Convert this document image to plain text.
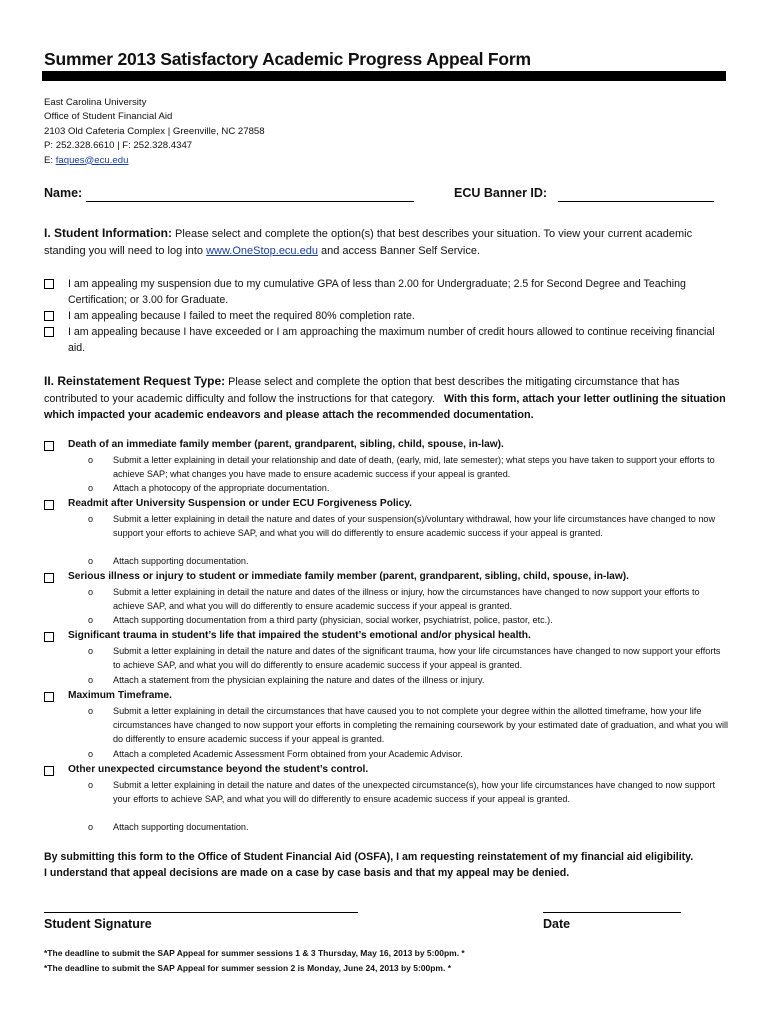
Summer 2013 Satisfactory Academic Progress Appeal Form
East Carolina University
Office of Student Financial Aid
2103 Old Cafeteria Complex | Greenville, NC 27858
P: 252.328.6610 | F: 252.328.4347
E: faques@ecu.edu
Name:	ECU Banner ID:
I. Student Information: Please select and complete the option(s) that best describes your situation. To view your current academic standing you will need to log into www.OneStop.ecu.edu and access Banner Self Service.
I am appealing my suspension due to my cumulative GPA of less than 2.00 for Undergraduate; 2.5 for Second Degree and Teaching Certification; or 3.00 for Graduate.
I am appealing because I failed to meet the required 80% completion rate.
I am appealing because I have exceeded or I am approaching the maximum number of credit hours allowed to continue receiving financial aid.
II. Reinstatement Request Type: Please select and complete the option that best describes the mitigating circumstance that has contributed to your academic difficulty and follow the instructions for that category. With this form, attach your letter outlining the situation which impacted your academic endeavors and please attach the recommended documentation.
Death of an immediate family member (parent, grandparent, sibling, child, spouse, in-law).
o Submit a letter explaining in detail your relationship and date of death, (early, mid, late semester); what steps you have taken to support your efforts to achieve SAP; what changes you have made to ensure academic success if your appeal is granted.
o Attach a photocopy of the appropriate documentation.
Readmit after University Suspension or under ECU Forgiveness Policy.
o Submit a letter explaining in detail the nature and dates of your suspension(s)/voluntary withdrawal, how your life circumstances have changed to now support your efforts to achieve SAP, and what you will do differently to ensure academic success if your appeal is granted.
o Attach supporting documentation.
Serious illness or injury to student or immediate family member (parent, grandparent, sibling, child, spouse, in-law).
o Submit a letter explaining in detail the nature and dates of the illness or injury, how the circumstances have changed to now support your efforts to achieve SAP, and what you will do differently to ensure academic success if your appeal is granted.
o Attach supporting documentation from a third party (physician, social worker, psychiatrist, police, pastor, etc.).
Significant trauma in student’s life that impaired the student’s emotional and/or physical health.
o Submit a letter explaining in detail the nature and dates of the significant trauma, how your life circumstances have changed to now support your efforts to achieve SAP, and what you will do differently to ensure academic success if your appeal is granted.
o Attach a statement from the physician explaining the nature and dates of the illness or injury.
Maximum Timeframe.
o Submit a letter explaining in detail the circumstances that have caused you to not complete your degree within the allotted timeframe, how your life circumstances have changed to now support your efforts in completing the remaining coursework by your estimated date of graduation, and what you will do differently to ensure academic success if your appeal is granted.
o Attach a completed Academic Assessment Form obtained from your Academic Advisor.
Other unexpected circumstance beyond the student’s control.
o Submit a letter explaining in detail the nature and dates of the unexpected circumstance(s), how your life circumstances have changed to now support your efforts to achieve SAP, and what you will do differently to ensure academic success if your appeal is granted.
o Attach supporting documentation.
By submitting this form to the Office of Student Financial Aid (OSFA), I am requesting reinstatement of my financial aid eligibility.
I understand that appeal decisions are made on a case by case basis and that my appeal may be denied.
Student Signature	Date
*The deadline to submit the SAP Appeal for summer sessions 1 & 3 Thursday, May 16, 2013 by 5:00pm. *
*The deadline to submit the SAP Appeal for summer session 2 is Monday, June 24, 2013 by 5:00pm. *
